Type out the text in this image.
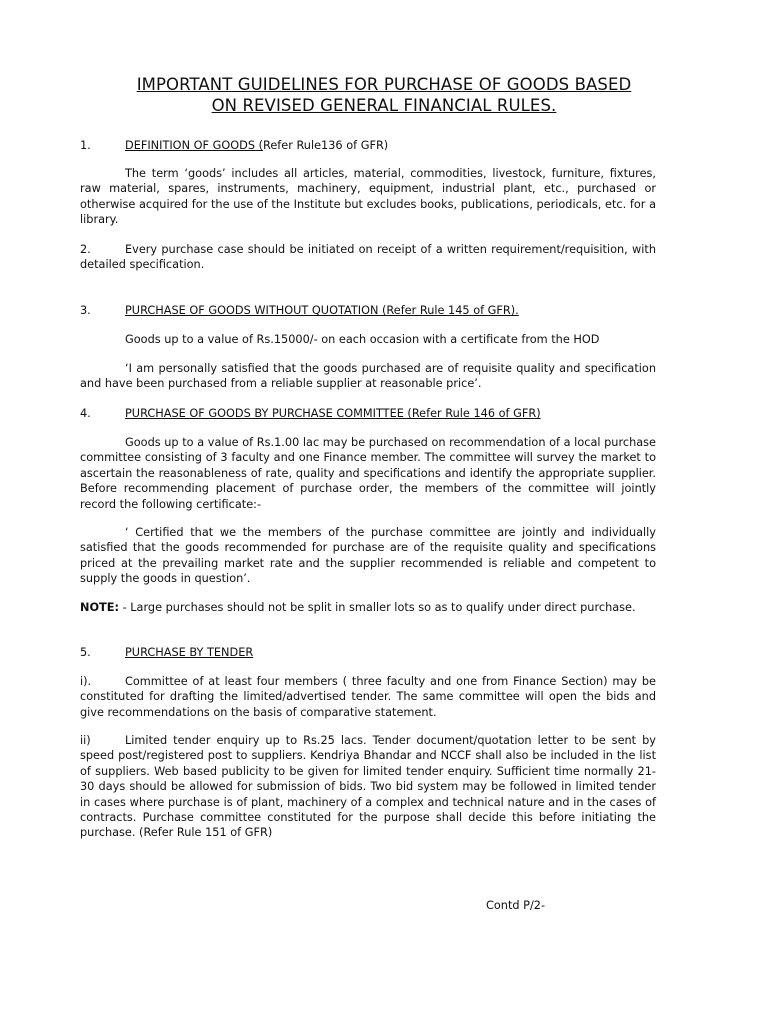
IMPORTANT GUIDELINES FOR PURCHASE OF GOODS BASED
ON REVISED GENERAL FINANCIAL RULES.
1.	DEFINITION OF GOODS (Refer Rule136 of GFR)
The term ‘goods’ includes all articles, material, commodities, livestock, furniture, fixtures, raw material, spares, instruments, machinery, equipment, industrial plant, etc., purchased or otherwise acquired for the use of the Institute but excludes books, publications, periodicals, etc. for a library.
2.	Every purchase case should be initiated on receipt of a written requirement/requisition, with detailed specification.
3.	PURCHASE OF GOODS WITHOUT QUOTATION (Refer Rule 145 of GFR).
Goods up to a value of Rs.15000/- on each occasion with a certificate from the HOD
‘I am personally satisfied that the goods purchased are of requisite quality and specification and have been purchased from a reliable supplier at reasonable price’.
4.	PURCHASE OF GOODS BY PURCHASE COMMITTEE (Refer Rule 146 of GFR)
Goods up to a value of Rs.1.00 lac may be purchased on recommendation of a local purchase committee consisting of 3 faculty and one Finance member. The committee will survey the market to ascertain the reasonableness of rate, quality and specifications and identify the appropriate supplier. Before recommending placement of purchase order, the members of the committee will jointly record the following certificate:-
‘ Certified that we the members of the purchase committee are jointly and individually satisfied that the goods recommended for purchase are of the requisite quality and specifications priced at the prevailing market rate and the supplier recommended is reliable and competent to supply the goods in question’.
NOTE: - Large purchases should not be split in smaller lots so as to qualify under direct purchase.
5.	PURCHASE BY TENDER
i).	Committee of at least four members ( three faculty and one from Finance Section) may be constituted for drafting the limited/advertised tender. The same committee will open the bids and give recommendations on the basis of comparative statement.
ii)	Limited tender enquiry up to Rs.25 lacs. Tender document/quotation letter to be sent by speed post/registered post to suppliers. Kendriya Bhandar and NCCF shall also be included in the list of suppliers. Web based publicity to be given for limited tender enquiry. Sufficient time normally 21-30 days should be allowed for submission of bids. Two bid system may be followed in limited tender in cases where purchase is of plant, machinery of a complex and technical nature and in the cases of contracts. Purchase committee constituted for the purpose shall decide this before initiating the purchase. (Refer Rule 151 of GFR)
Contd P/2-
